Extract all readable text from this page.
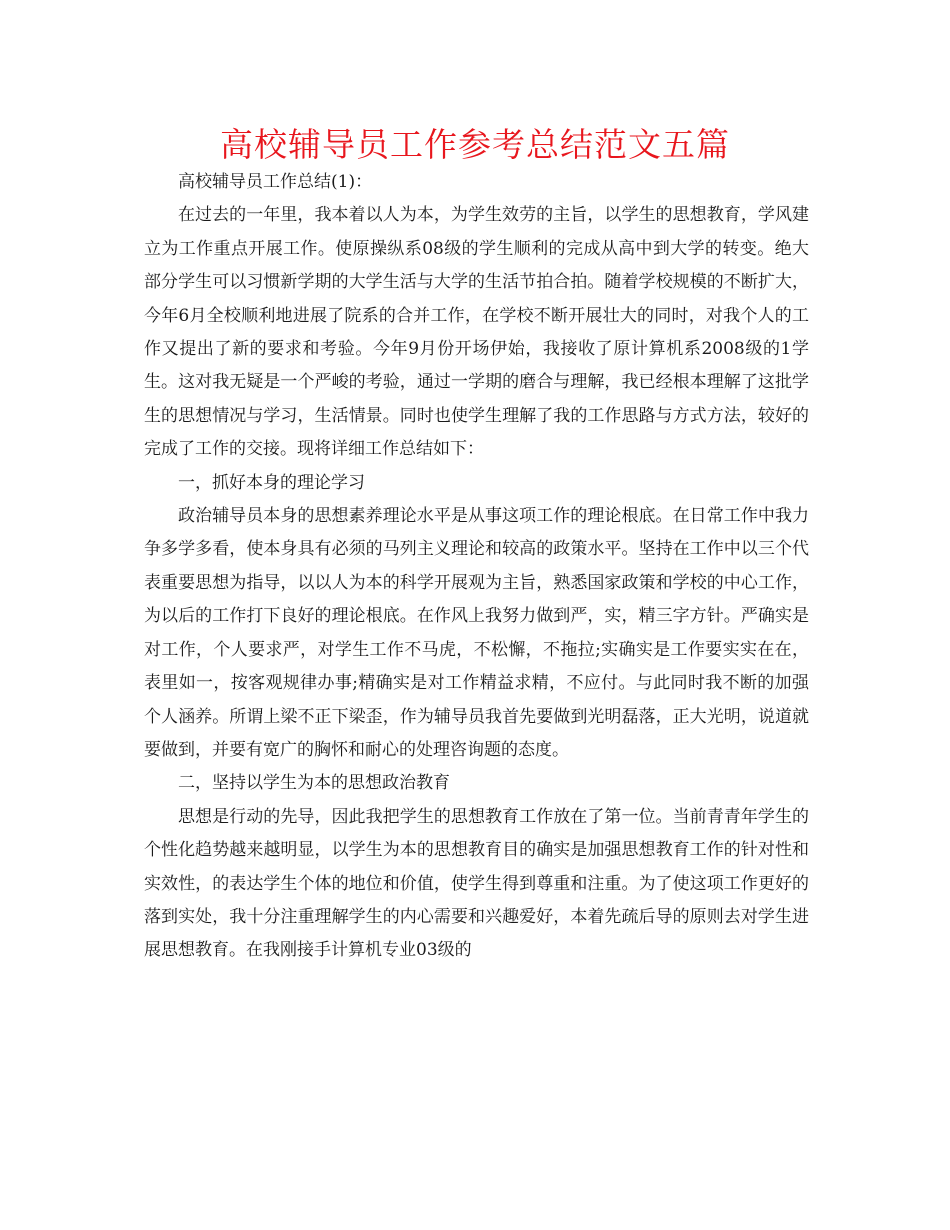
高校辅导员工作参考总结范文五篇

高校辅导员工作总结(1)：

在过去的一年里，我本着以人为本，为学生效劳的主旨，以学生的思想教育，学风建立为工作重点开展工作。使原操纵系08级的学生顺利的完成从高中到大学的转变。绝大部分学生可以习惯新学期的大学生活与大学的生活节拍合拍。随着学校规模的不断扩大，今年6月全校顺利地进展了院系的合并工作，在学校不断开展壮大的同时，对我个人的工作又提出了新的要求和考验。今年9月份开场伊始，我接收了原计算机系2008级的1学生。这对我无疑是一个严峻的考验，通过一学期的磨合与理解，我已经根本理解了这批学生的思想情况与学习，生活情景。同时也使学生理解了我的工作思路与方式方法，较好的完成了工作的交接。现将详细工作总结如下：

一，抓好本身的理论学习

政治辅导员本身的思想素养理论水平是从事这项工作的理论根底。在日常工作中我力争多学多看，使本身具有必须的马列主义理论和较高的政策水平。坚持在工作中以三个代表重要思想为指导，以以人为本的科学开展观为主旨，熟悉国家政策和学校的中心工作，为以后的工作打下良好的理论根底。在作风上我努力做到严，实，精三字方针。严确实是对工作，个人要求严，对学生工作不马虎，不松懈，不拖拉;实确实是工作要实实在在，表里如一，按客观规律办事;精确实是对工作精益求精，不应付。与此同时我不断的加强个人涵养。所谓上梁不正下梁歪，作为辅导员我首先要做到光明磊落，正大光明，说道就要做到，并要有宽广的胸怀和耐心的处理咨询题的态度。

二，坚持以学生为本的思想政治教育

思想是行动的先导，因此我把学生的思想教育工作放在了第一位。当前青青年学生的个性化趋势越来越明显，以学生为本的思想教育目的确实是加强思想教育工作的针对性和实效性，的表达学生个体的地位和价值，使学生得到尊重和注重。为了使这项工作更好的落到实处，我十分注重理解学生的内心需要和兴趣爱好，本着先疏后导的原则去对学生进展思想教育。在我刚接手计算机专业03级的
